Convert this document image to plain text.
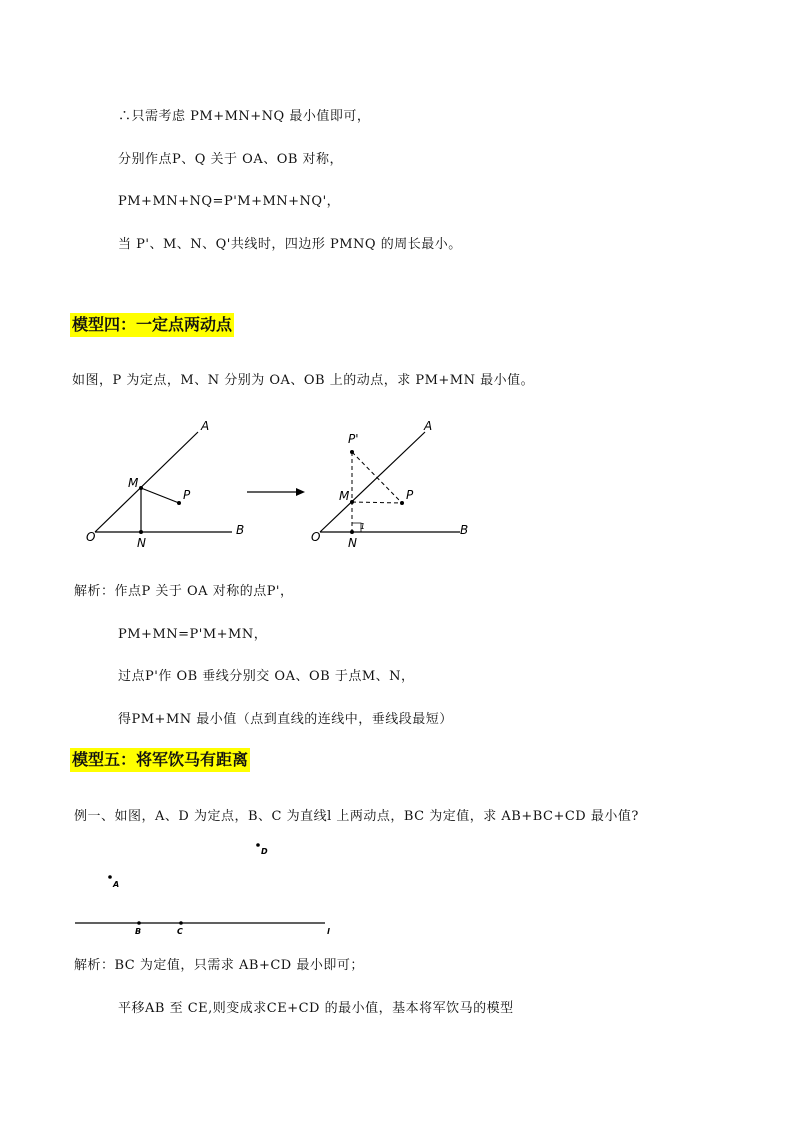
∴只需考虑 PM+MN+NQ 最小值即可，
分别作点P、Q 关于 OA、OB 对称，
PM+MN+NQ=P'M+MN+NQ'，
当 P'、M、N、Q'共线时，四边形 PMNQ 的周长最小。
模型四：一定点两动点
如图，P 为定点，M、N 分别为 OA、OB 上的动点，求 PM+MN 最小值。
A
M
P
O	N
B
P'
A
M	P
1
O N
B
D
A
B	C	l
解析：作点P 关于 OA 对称的点P'，
PM+MN=P'M+MN，
过点P'作 OB 垂线分别交 OA、OB 于点M、N，
得PM+MN 最小值（点到直线的连线中，垂线段最短）
模型五：将军饮马有距离
例一、如图，A、D 为定点，B、C 为直线l 上两动点，BC 为定值，求 AB+BC+CD 最小值?
解析：BC 为定值，只需求 AB+CD 最小即可；
平移AB 至 CE,则变成求CE+CD 的最小值，基本将军饮马的模型
